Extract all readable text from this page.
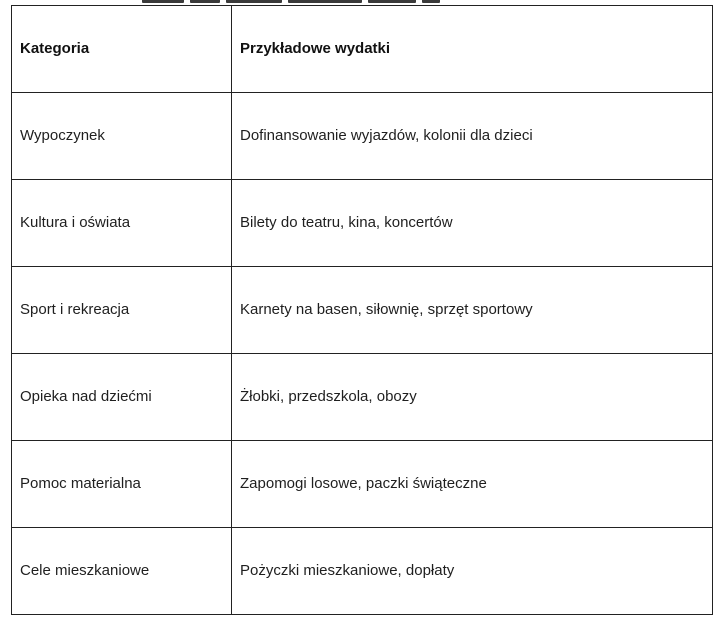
Kategoria	Przykładowe wydatki
Wypoczynek	Dofinansowanie wyjazdów, kolonii dla dzieci
Kultura i oświata	Bilety do teatru, kina, koncertów
Sport i rekreacja	Karnety na basen, siłownię, sprzęt sportowy
Opieka nad dziećmi	Żłobki, przedszkola, obozy
Pomoc materialna	Zapomogi losowe, paczki świąteczne
Cele mieszkaniowe	Pożyczki mieszkaniowe, dopłaty
